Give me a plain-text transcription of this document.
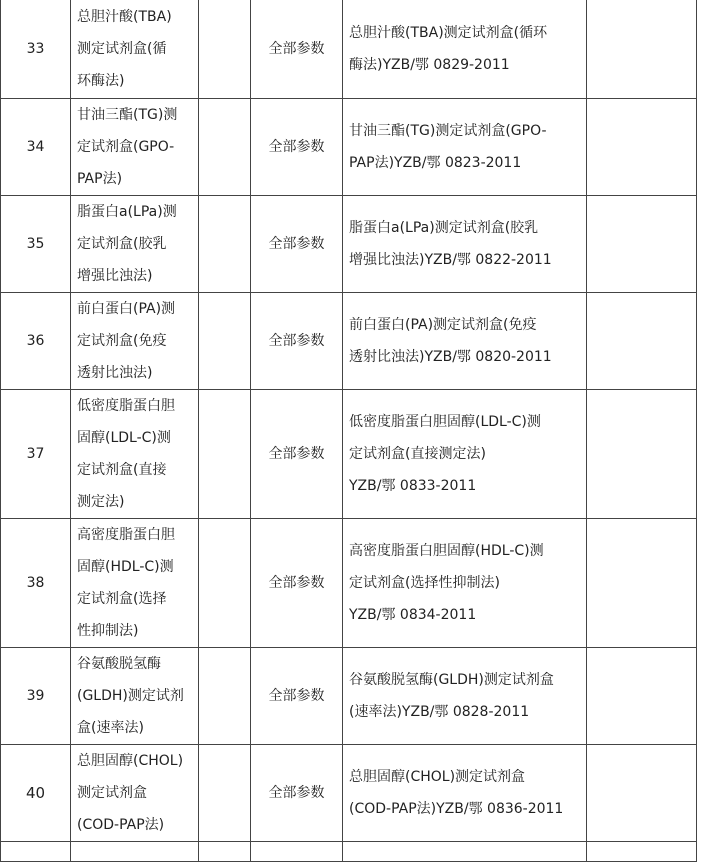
33	总胆汁酸(TBA)
测定试剂盒(循
环酶法)		全部参数	总胆汁酸(TBA)测定试剂盒(循环
酶法)YZB/鄂 0829-2011	

34	甘油三酯(TG)测
定试剂盒(GPO-
PAP法)		全部参数	甘油三酯(TG)测定试剂盒(GPO-
PAP法)YZB/鄂 0823-2011	

35	脂蛋白a(LPa)测
定试剂盒(胶乳
增强比浊法)		全部参数	脂蛋白a(LPa)测定试剂盒(胶乳
增强比浊法)YZB/鄂 0822-2011	

36	前白蛋白(PA)测
定试剂盒(免疫
透射比浊法)		全部参数	前白蛋白(PA)测定试剂盒(免疫
透射比浊法)YZB/鄂 0820-2011	

37	低密度脂蛋白胆
固醇(LDL-C)测
定试剂盒(直接
测定法)		全部参数	低密度脂蛋白胆固醇(LDL-C)测
定试剂盒(直接测定法)
YZB/鄂 0833-2011	

38	高密度脂蛋白胆
固醇(HDL-C)测
定试剂盒(选择
性抑制法)		全部参数	高密度脂蛋白胆固醇(HDL-C)测
定试剂盒(选择性抑制法)
YZB/鄂 0834-2011	

39	谷氨酸脱氢酶
(GLDH)测定试剂
盒(速率法)		全部参数	谷氨酸脱氢酶(GLDH)测定试剂盒
(速率法)YZB/鄂 0828-2011	

40	总胆固醇(CHOL)
测定试剂盒
(COD-PAP法)		全部参数	总胆固醇(CHOL)测定试剂盒
(COD-PAP法)YZB/鄂 0836-2011	
